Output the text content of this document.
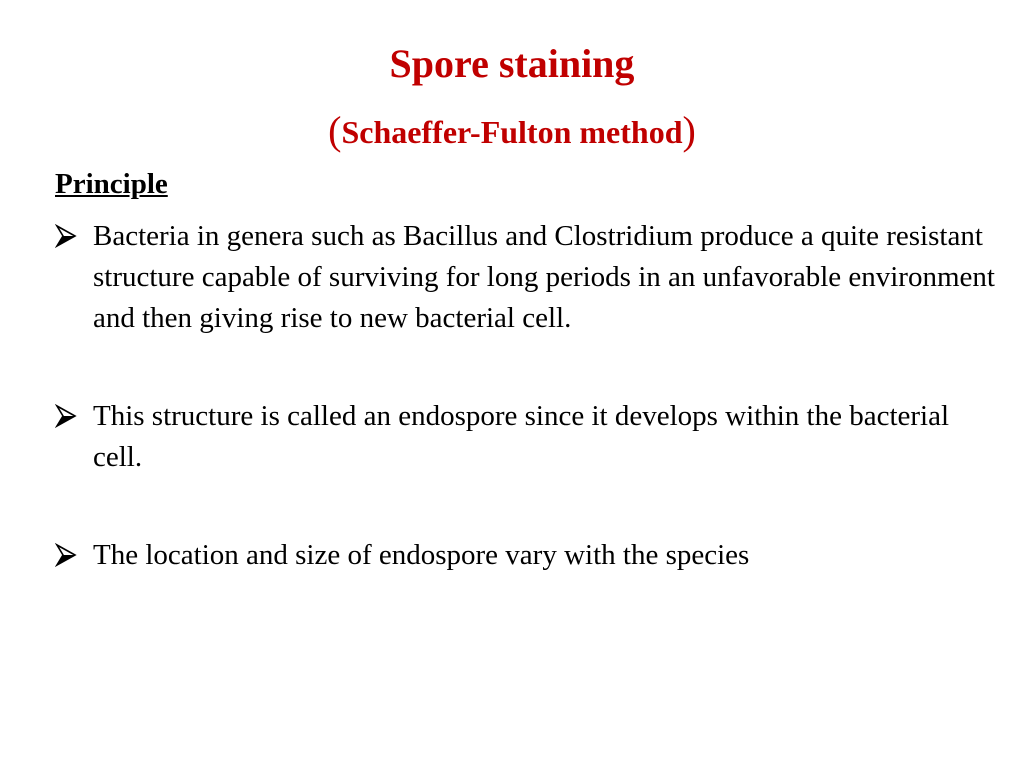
Spore staining
(Schaeffer-Fulton method)
Principle
Bacteria in genera such as Bacillus and Clostridium produce a quite resistant structure capable of surviving for long periods in an unfavorable environment and then giving rise to new bacterial cell.
This structure is called an endospore since it develops within the bacterial cell.
The location and size of endospore vary with the species
